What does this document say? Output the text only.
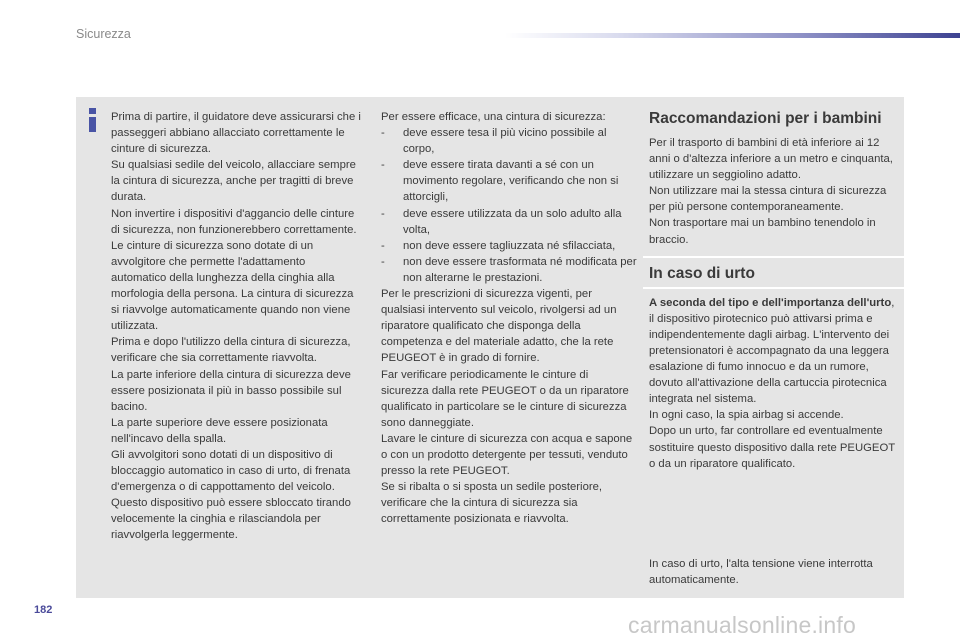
Sicurezza

Prima di partire, il guidatore deve assicurarsi che i passeggeri abbiano allacciato correttamente le cinture di sicurezza.

Su qualsiasi sedile del veicolo, allacciare sempre la cintura di sicurezza, anche per tragitti di breve durata.

Non invertire i dispositivi d'aggancio delle cinture di sicurezza, non funzionerebbero correttamente.

Le cinture di sicurezza sono dotate di un avvolgitore che permette l'adattamento automatico della lunghezza della cinghia alla morfologia della persona. La cintura di sicurezza si riavvolge automaticamente quando non viene utilizzata.

Prima e dopo l'utilizzo della cintura di sicurezza, verificare che sia correttamente riavvolta.

La parte inferiore della cintura di sicurezza deve essere posizionata il più in basso possibile sul bacino.

La parte superiore deve essere posizionata nell'incavo della spalla.

Gli avvolgitori sono dotati di un dispositivo di bloccaggio automatico in caso di urto, di frenata d'emergenza o di cappottamento del veicolo. Questo dispositivo può essere sbloccato tirando velocemente la cinghia e rilasciandola per riavvolgerla leggermente.

Per essere efficace, una cintura di sicurezza:

-	deve essere tesa il più vicino possibile al corpo,
-	deve essere tirata davanti a sé con un movimento regolare, verificando che non si attorcigli,
-	deve essere utilizzata da un solo adulto alla volta,
-	non deve essere tagliuzzata né sfilacciata,
-	non deve essere trasformata né modificata per non alterarne le prestazioni.

Per le prescrizioni di sicurezza vigenti, per qualsiasi intervento sul veicolo, rivolgersi ad un riparatore qualificato che disponga della competenza e del materiale adatto, che la rete PEUGEOT è in grado di fornire.

Far verificare periodicamente le cinture di sicurezza dalla rete PEUGEOT o da un riparatore qualificato in particolare se le cinture di sicurezza sono danneggiate.

Lavare le cinture di sicurezza con acqua e sapone o con un prodotto detergente per tessuti, venduto presso la rete PEUGEOT.

Se si ribalta o si sposta un sedile posteriore, verificare che la cintura di sicurezza sia correttamente posizionata e riavvolta.

Raccomandazioni per i bambini

Per il trasporto di bambini di età inferiore ai 12 anni o d'altezza inferiore a un metro e cinquanta, utilizzare un seggiolino adatto.

Non utilizzare mai la stessa cintura di sicurezza per più persone contemporaneamente.

Non trasportare mai un bambino tenendolo in braccio.

In caso di urto

A seconda del tipo e dell'importanza dell'urto, il dispositivo pirotecnico può attivarsi prima e indipendentemente dagli airbag. L'intervento dei pretensionatori è accompagnato da una leggera esalazione di fumo innocuo e da un rumore, dovuto all'attivazione della cartuccia pirotecnica integrata nel sistema.

In ogni caso, la spia airbag si accende.

Dopo un urto, far controllare ed eventualmente sostituire questo dispositivo dalla rete PEUGEOT o da un riparatore qualificato.

In caso di urto, l'alta tensione viene interrotta automaticamente.
182
carmanualsonline.info
